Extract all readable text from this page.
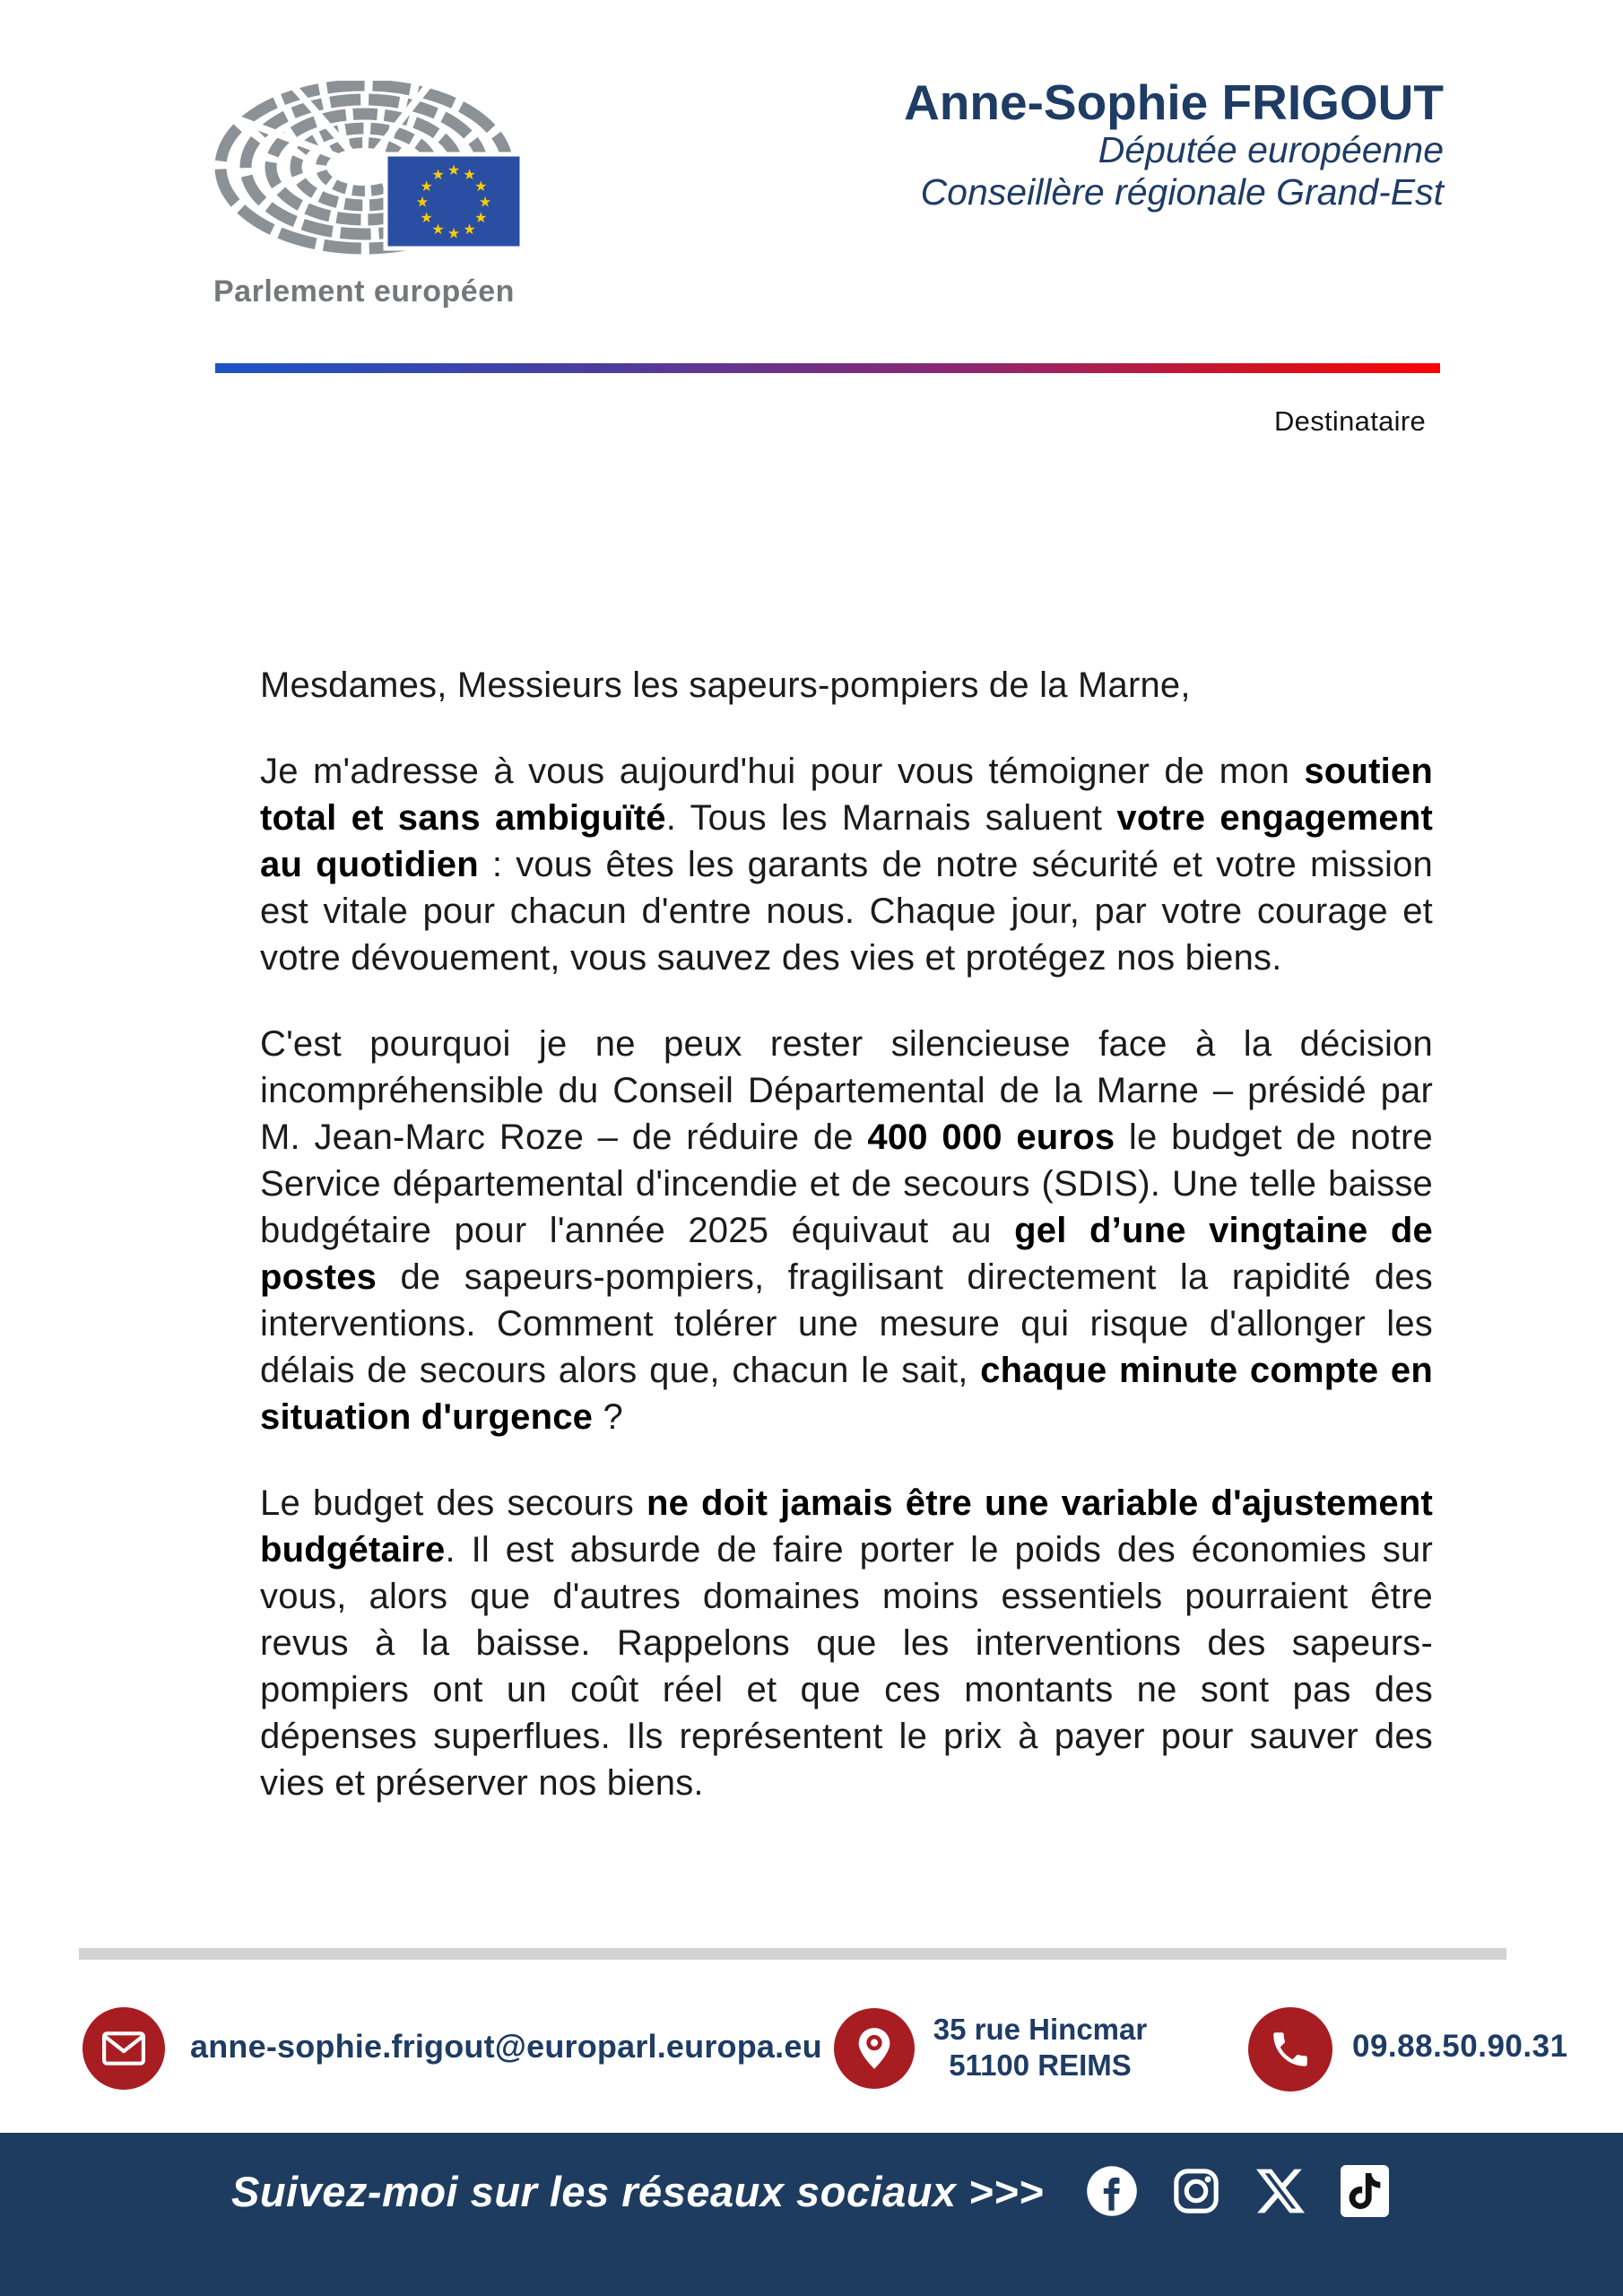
★ ★
★
★
★
★
★
★
★
★
★
★
Parlement européen
Anne-Sophie FRIGOUT
Députée européenne
Conseillère régionale Grand-Est
Destinataire

Mesdames, Messieurs les sapeurs-pompiers de la Marne,

Je m'adresse à vous aujourd'hui pour vous témoigner de mon soutien total et sans ambiguïté. Tous les Marnais saluent votre engagement au quotidien : vous êtes les garants de notre sécurité et votre mission est vitale pour chacun d'entre nous. Chaque jour, par votre courage et votre dévouement, vous sauvez des vies et protégez nos biens.

C'est pourquoi je ne peux rester silencieuse face à la décision incompréhensible du Conseil Départemental de la Marne – présidé par M. Jean-Marc Roze – de réduire de 400 000 euros le budget de notre Service départemental d'incendie et de secours (SDIS). Une telle baisse budgétaire pour l'année 2025 équivaut au gel d’une vingtaine de postes de sapeurs-pompiers, fragilisant directement la rapidité des interventions. Comment tolérer une mesure qui risque d'allonger les délais de secours alors que, chacun le sait, chaque minute compte en situation d'urgence ?

Le budget des secours ne doit jamais être une variable d'ajustement budgétaire. Il est absurde de faire porter le poids des économies sur vous, alors que d'autres domaines moins essentiels pourraient être revus à la baisse. Rappelons que les interventions des sapeurs-pompiers ont un coût réel et que ces montants ne sont pas des dépenses superflues. Ils représentent le prix à payer pour sauver des vies et préserver nos biens.

anne-sophie.frigout@europarl.europa.eu	35 rue Hincmar
51100 REIMS
09.88.50.90.31
Suivez-moi sur les réseaux sociaux >>>
